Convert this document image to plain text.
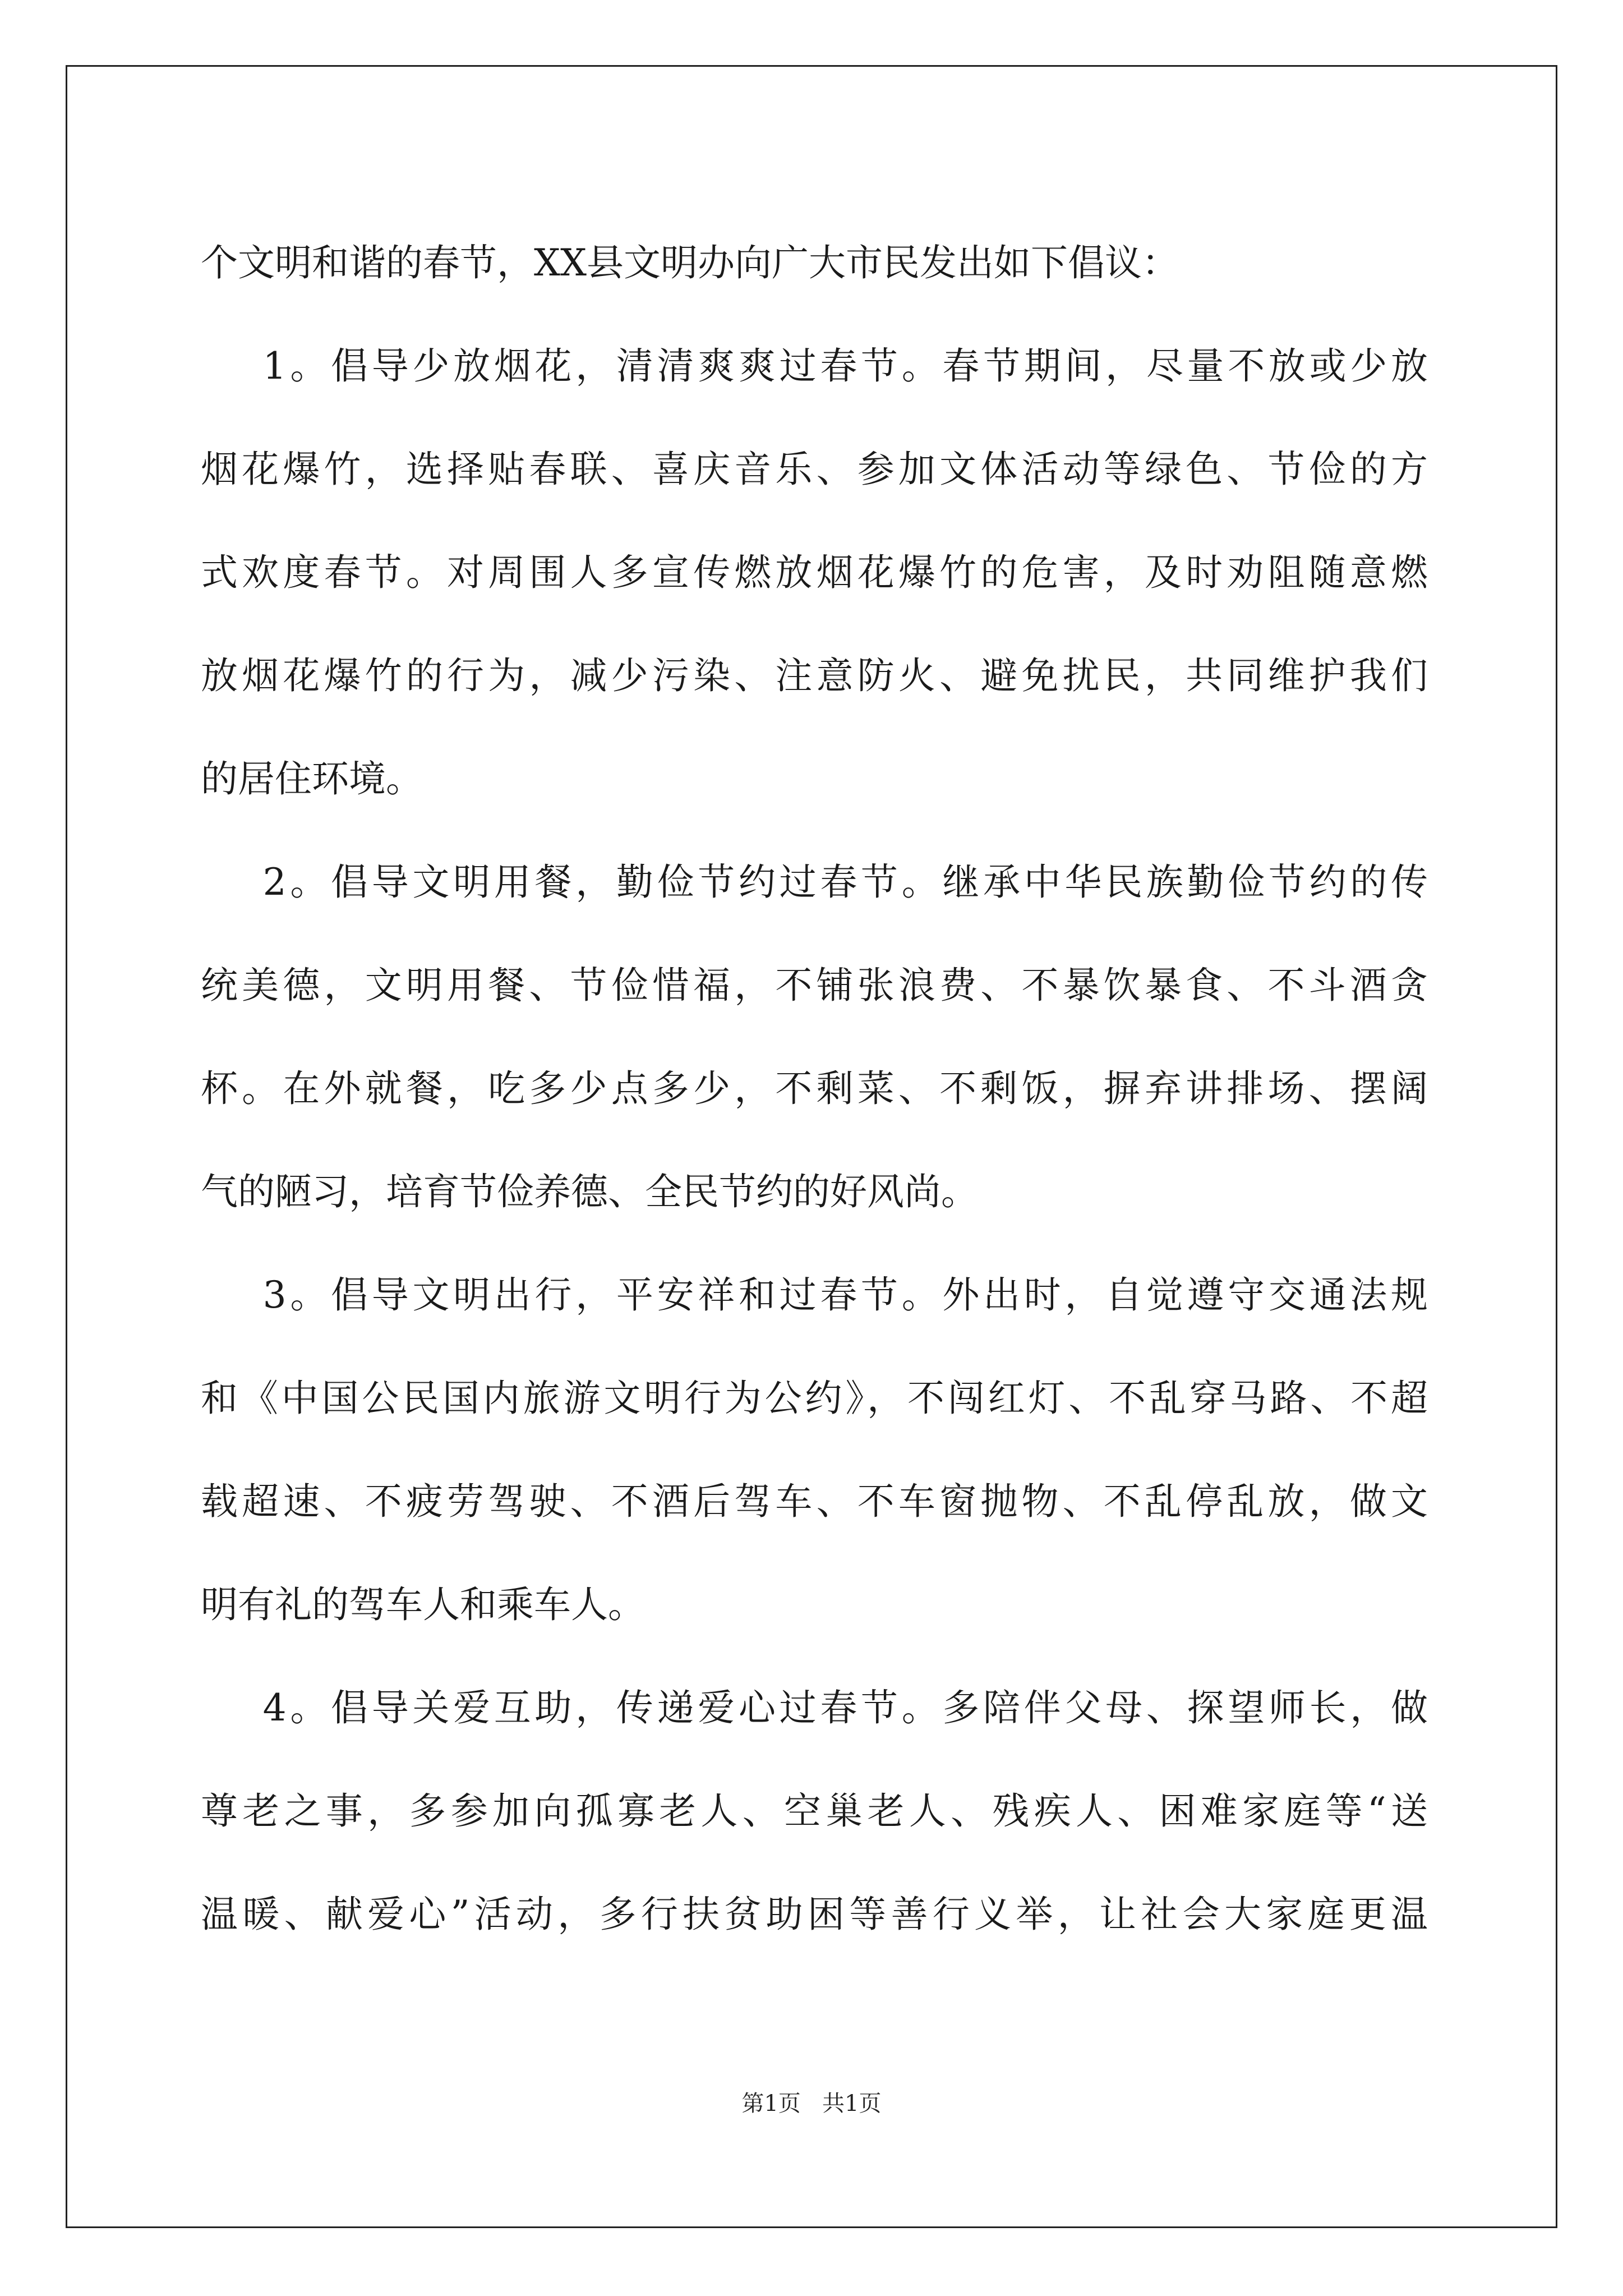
个文明和谐的春节，XX县文明办向广大市民发出如下倡议：
1。倡导少放烟花，清清爽爽过春节。春节期间，尽量不放或少放
烟花爆竹，选择贴春联、喜庆音乐、参加文体活动等绿色、节俭的方
式欢度春节。对周围人多宣传燃放烟花爆竹的危害，及时劝阻随意燃
放烟花爆竹的行为，减少污染、注意防火、避免扰民，共同维护我们
的居住环境。
2。倡导文明用餐，勤俭节约过春节。继承中华民族勤俭节约的传
统美德，文明用餐、节俭惜福，不铺张浪费、不暴饮暴食、不斗酒贪
杯。在外就餐，吃多少点多少，不剩菜、不剩饭，摒弃讲排场、摆阔
气的陋习，培育节俭养德、全民节约的好风尚。
3。倡导文明出行，平安祥和过春节。外出时，自觉遵守交通法规
和《中国公民国内旅游文明行为公约》，不闯红灯、不乱穿马路、不超
载超速、不疲劳驾驶、不酒后驾车、不车窗抛物、不乱停乱放，做文
明有礼的驾车人和乘车人。
4。倡导关爱互助，传递爱心过春节。多陪伴父母、探望师长，做
尊老之事，多参加向孤寡老人、空巢老人、残疾人、困难家庭等“送
温暖、献爱心”活动，多行扶贫助困等善行义举，让社会大家庭更温
第1页   共1页
